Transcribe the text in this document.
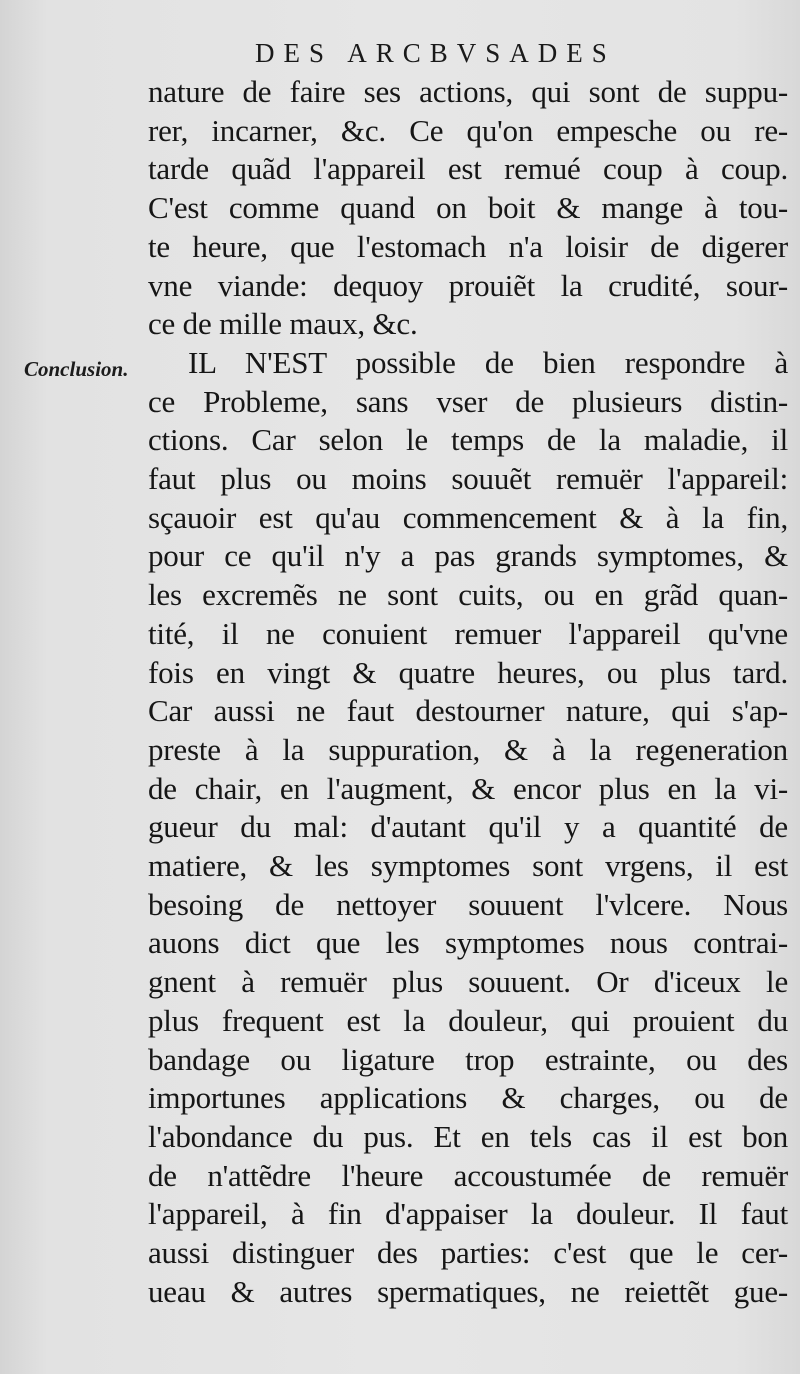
DES ARCBVSADES
Conclusion.
nature de faire ses actions, qui sont de suppu-
rer, incarner, &c. Ce qu'on empesche ou re-
tarde quãd l'appareil est remué coup à coup.
C'est comme quand on boit & mange à tou-
te heure, que l'estomach n'a loisir de digerer
vne viande: dequoy prouiẽt la crudité, sour-
ce de mille maux, &c.
IL N'EST possible de bien respondre à
ce Probleme, sans vser de plusieurs distin-
ctions. Car selon le temps de la maladie, il
faut plus ou moins souuẽt remuër l'appareil:
sçauoir est qu'au commencement & à la fin,
pour ce qu'il n'y a pas grands symptomes, &
les excremẽs ne sont cuits, ou en grãd quan-
tité, il ne conuient remuer l'appareil qu'vne
fois en vingt & quatre heures, ou plus tard.
Car aussi ne faut destourner nature, qui s'ap-
preste à la suppuration, & à la regeneration
de chair, en l'augment, & encor plus en la vi-
gueur du mal: d'autant qu'il y a quantité de
matiere, & les symptomes sont vrgens, il est
besoing de nettoyer souuent l'vlcere. Nous
auons dict que les symptomes nous contrai-
gnent à remuër plus souuent. Or d'iceux le
plus frequent est la douleur, qui prouient du
bandage ou ligature trop estrainte, ou des
importunes applications & charges, ou de
l'abondance du pus. Et en tels cas il est bon
de n'attẽdre l'heure accoustumée de remuër
l'appareil, à fin d'appaiser la douleur. Il faut
aussi distinguer des parties: c'est que le cer-
ueau & autres spermatiques, ne reiettẽt gue-
